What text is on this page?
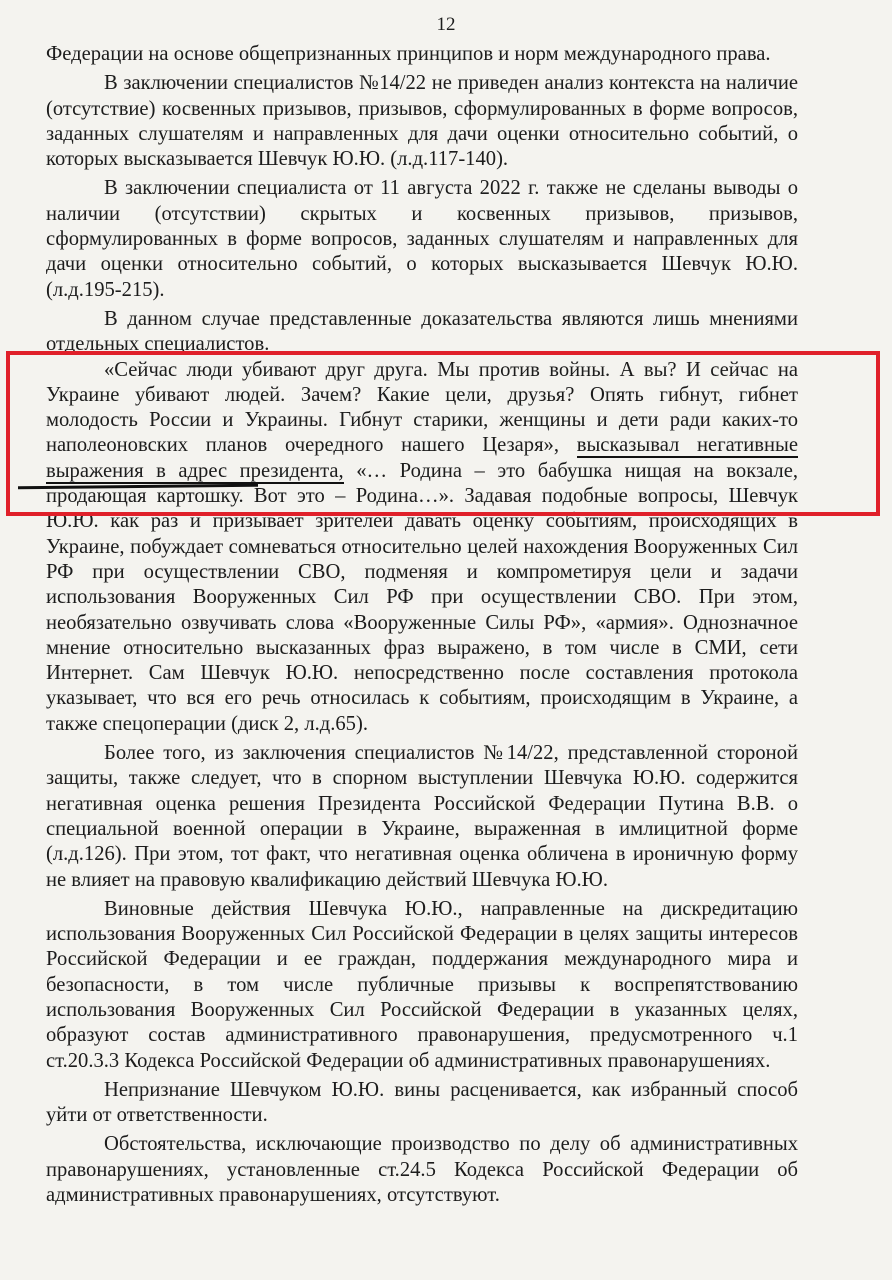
12

Федерации на основе общепризнанных принципов и норм международного права.

В заключении специалистов №14/22 не приведен анализ контекста на наличие (отсутствие) косвенных призывов, призывов, сформулированных в форме вопросов, заданных слушателям и направленных для дачи оценки относительно событий, о которых высказывается Шевчук Ю.Ю. (л.д.117-140).

В заключении специалиста от 11 августа 2022 г. также не сделаны выводы о наличии (отсутствии) скрытых и косвенных призывов, призывов, сформулированных в форме вопросов, заданных слушателям и направленных для дачи оценки относительно событий, о которых высказывается Шевчук Ю.Ю. (л.д.195-215).

В данном случае представленные доказательства являются лишь мнениями отдельных специалистов.

«Сейчас люди убивают друг друга. Мы против войны. А вы? И сейчас на Украине убивают людей. Зачем? Какие цели, друзья? Опять гибнут, гибнет молодость России и Украины. Гибнут старики, женщины и дети ради каких-то наполеоновских планов очередного нашего Цезаря», высказывал негативные выражения в адрес президента, «… Родина – это бабушка нищая на вокзале, продающая картошку. Вот это – Родина…». Задавая подобные вопросы, Шевчук Ю.Ю. как раз и призывает зрителей давать оценку событиям, происходящих в Украине, побуждает сомневаться относительно целей нахождения Вооруженных Сил РФ при осуществлении СВО, подменяя и компрометируя цели и задачи использования Вооруженных Сил РФ при осуществлении СВО. При этом, необязательно озвучивать слова «Вооруженные Силы РФ», «армия». Однозначное мнение относительно высказанных фраз выражено, в том числе в СМИ, сети Интернет. Сам Шевчук Ю.Ю. непосредственно после составления протокола указывает, что вся его речь относилась к событиям, происходящим в Украине, а также спецоперации (диск 2, л.д.65).

Более того, из заключения специалистов №14/22, представленной стороной защиты, также следует, что в спорном выступлении Шевчука Ю.Ю. содержится негативная оценка решения Президента Российской Федерации Путина В.В. о специальной военной операции в Украине, выраженная в имлицитной форме (л.д.126). При этом, тот факт, что негативная оценка обличена в ироничную форму не влияет на правовую квалификацию действий Шевчука Ю.Ю.

Виновные действия Шевчука Ю.Ю., направленные на дискредитацию использования Вооруженных Сил Российской Федерации в целях защиты интересов Российской Федерации и ее граждан, поддержания международного мира и безопасности, в том числе публичные призывы к воспрепятствованию использования Вооруженных Сил Российской Федерации в указанных целях, образуют состав административного правонарушения, предусмотренного ч.1 ст.20.3.3 Кодекса Российской Федерации об административных правонарушениях.

Непризнание Шевчуком Ю.Ю. вины расценивается, как избранный способ уйти от ответственности.

Обстоятельства, исключающие производство по делу об административных правонарушениях, установленные ст.24.5 Кодекса Российской Федерации об административных правонарушениях, отсутствуют.
